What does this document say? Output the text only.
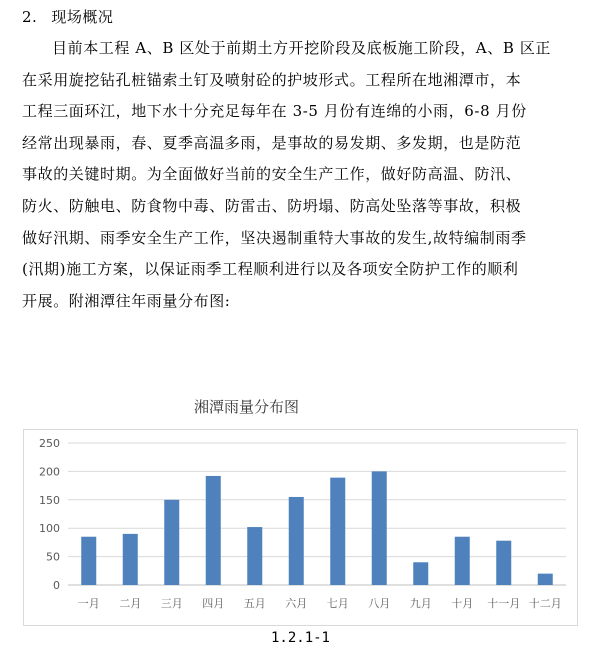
2. 现场概况

目前本工程 A、B 区处于前期土方开挖阶段及底板施工阶段，A、B 区正

在采用旋挖钻孔桩锚索土钉及喷射砼的护坡形式。工程所在地湘潭市，本

工程三面环江，地下水十分充足每年在 3-5 月份有连绵的小雨，6-8 月份

经常出现暴雨，春、夏季高温多雨，是事故的易发期、多发期，也是防范

事故的关键时期。为全面做好当前的安全生产工作，做好防高温、防汛、

防火、防触电、防食物中毒、防雷击、防坍塌、防高处坠落等事故，积极

做好汛期、雨季安全生产工作，坚决遏制重特大事故的发生,故特编制雨季

(汛期)施工方案，以保证雨季工程顺利进行以及各项安全防护工作的顺利

开展。附湘潭往年雨量分布图:

湘潭雨量分布图
0
50
100
150
200
250
一月 二月 三月 四月 五月 六月 七月 八月 九月 十月 十一月 十二月
1.2.1-1
